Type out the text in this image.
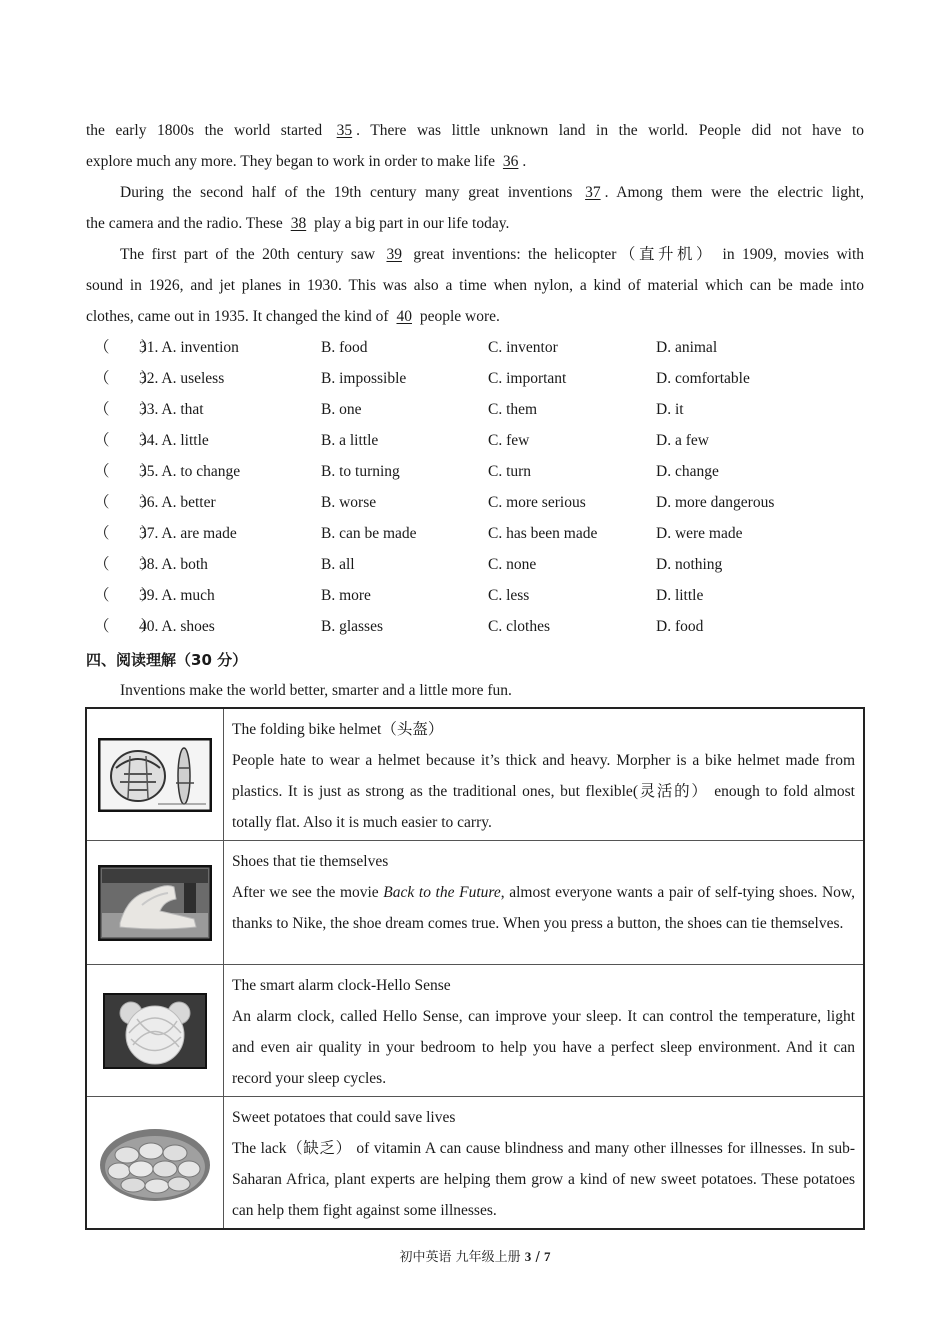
the early 1800s the world started 35 . There was little unknown land in the world. People did not have to
explore much any more. They began to work in order to make life 36 .
During the second half of the 19th century many great inventions 37 . Among them were the electric light,
the camera and the radio. These 38 play a big part in our life today.
The first part of the 20th century saw 39 great inventions: the helicopter（直升机） in 1909, movies with
sound in 1926, and jet planes in 1930. This was also a time when nylon, a kind of material which can be made into
clothes, came out in 1935. It changed the kind of 40 people wore.
（　　）
31. A. invention	B. food	C. inventor	D. animal
（　　）
32. A. useless	B. impossible	C. important	D. comfortable
（　　）
33. A. that	B. one	C. them	D. it
（　　）
34. A. little	B. a little	C. few	D. a few
（　　）
35. A. to change	B. to turning	C. turn	D. change
（　　）
36. A. better	B. worse	C. more serious	D. more dangerous
（　　）
37. A. are made	B. can be made	C. has been made	D. were made
（　　）
38. A. both	B. all	C. none	D. nothing
（　　）
39. A. much	B. more	C. less	D. little
（　　）
40. A. shoes	B. glasses	C. clothes	D. food
四、阅读理解（30 分）
Inventions make the world better, smarter and a little more fun.

The folding bike helmet（头盔）
People hate to wear a helmet because it’s thick and heavy. Morpher is a bike helmet made from plastics. It is just as strong as the traditional ones, but flexible(灵活的） enough to fold almost totally flat. Also it is much easier to carry.

Shoes that tie themselves
After we see the movie Back to the Future, almost everyone wants a pair of self-tying shoes. Now, thanks to Nike, the shoe dream comes true. When you press a button, the shoes can tie themselves.

The smart alarm clock-Hello Sense
An alarm clock, called Hello Sense, can improve your sleep. It can control the temperature, light and even air quality in your bedroom to help you have a perfect sleep environment. And it can record your sleep cycles.

Sweet potatoes that could save lives
The lack（缺乏） of vitamin A can cause blindness and many other illnesses for illnesses. In sub-Saharan Africa, plant experts are helping them grow a kind of new sweet potatoes. These potatoes can help them fight against some illnesses.
初中英语 九年级上册 3 / 7
